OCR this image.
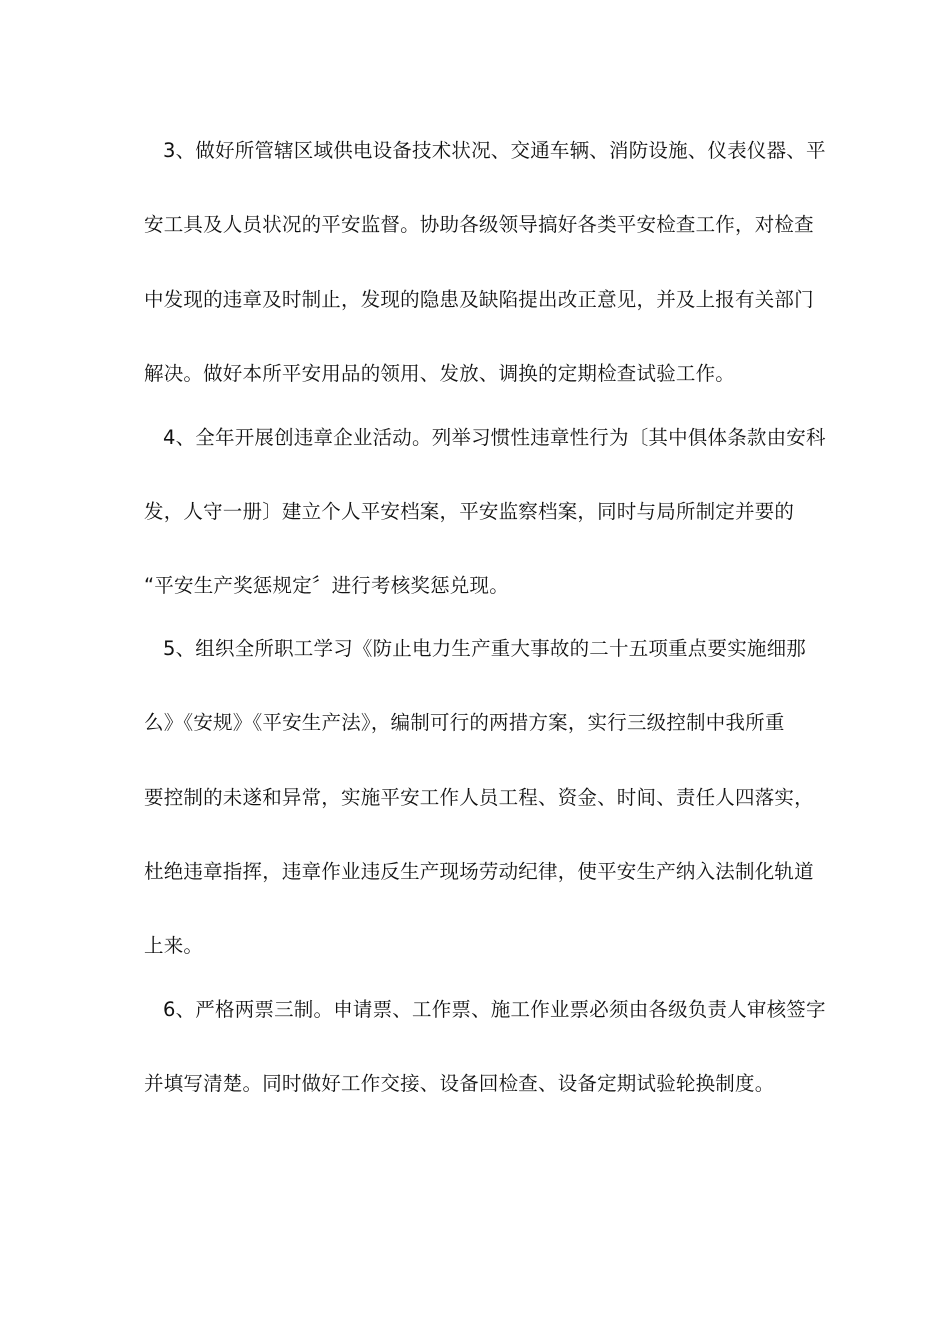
3、做好所管辖区域供电设备技术状况、交通车辆、消防设施、仪表仪器、平
安工具及人员状况的平安监督。协助各级领导搞好各类平安检查工作，对检查
中发现的违章及时制止，发现的隐患及缺陷提出改正意见，并及上报有关部门
解决。做好本所平安用品的领用、发放、调换的定期检查试验工作。
4、全年开展创违章企业活动。列举习惯性违章性行为〔其中俱体条款由安科
发，人守一册〕建立个人平安档案，平安监察档案，同时与局所制定并要的
“平安生产奖惩规定〞进行考核奖惩兑现。
5、组织全所职工学习《防止电力生产重大事故的二十五项重点要实施细那
么》《安规》《平安生产法》，编制可行的两措方案，实行三级控制中我所重
要控制的未遂和异常，实施平安工作人员工程、资金、时间、责任人四落实，
杜绝违章指挥，违章作业违反生产现场劳动纪律，使平安生产纳入法制化轨道
上来。
6、严格两票三制。申请票、工作票、施工作业票必须由各级负责人审核签字
并填写清楚。同时做好工作交接、设备回检查、设备定期试验轮换制度。
